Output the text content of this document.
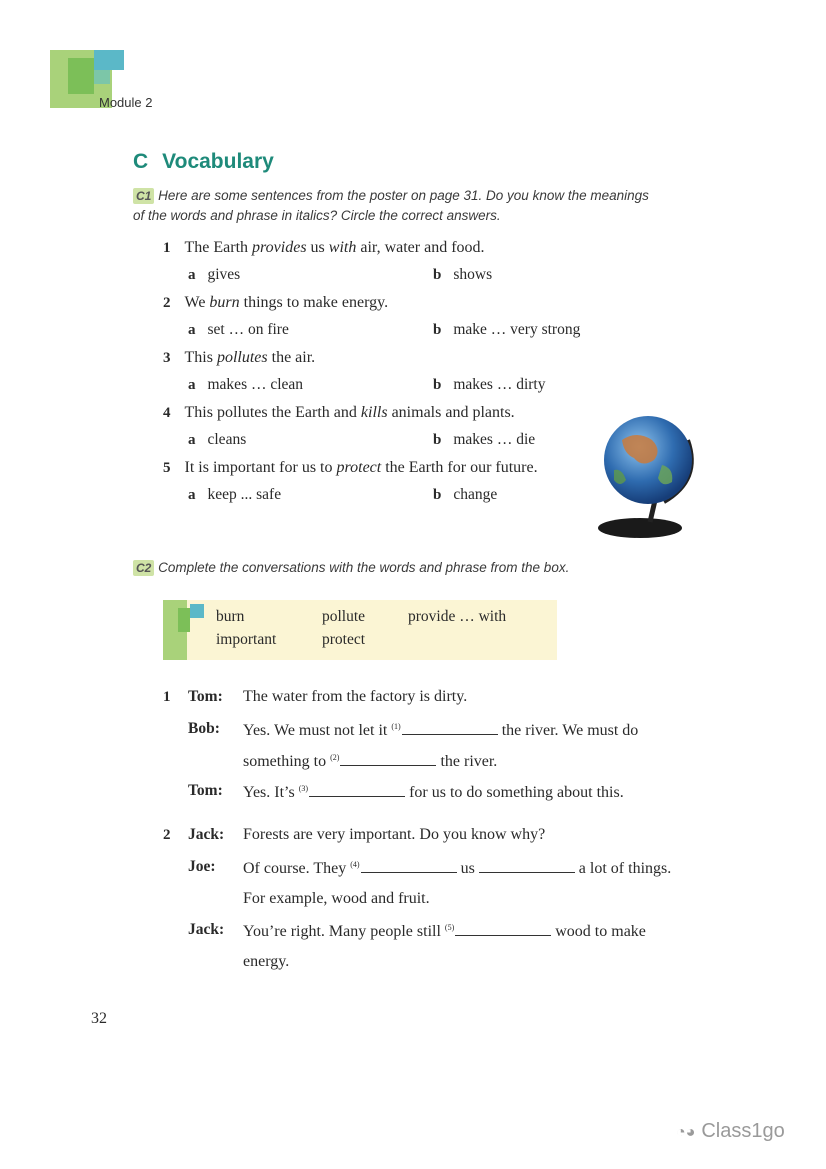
Module 2
C Vocabulary
C1 Here are some sentences from the poster on page 31. Do you know the meanings
of the words and phrase in italics? Circle the correct answers.
1 The Earth provides us with air, water and food.
a gives	b shows
2 We burn things to make energy.
a set … on fire	b make … very strong
3 This pollutes the air.
a makes … clean	b makes … dirty
4 This pollutes the Earth and kills animals and plants.
a cleans	b makes … die
5 It is important for us to protect the Earth for our future.
a keep ... safe	b change
C2 Complete the conversations with the words and phrase from the box.
burn	pollute	provide … with
important	protect
1 Tom: The water from the factory is dirty.
Bob: Yes. We must not let it $^{(1)}$	the river. We must do
something to $^{(2)}$	the river.
Tom: Yes. It’s $^{(3)}$	for us to do something about this.
2 Jack: Forests are very important. Do you know why?
Joe: Of course. They $^{(4)}$	us	a lot of things.
For example, wood and fruit.
Jack: You’re right. Many people still $^{(5)}$	wood to make
energy.
32
◔◕ Class1go
